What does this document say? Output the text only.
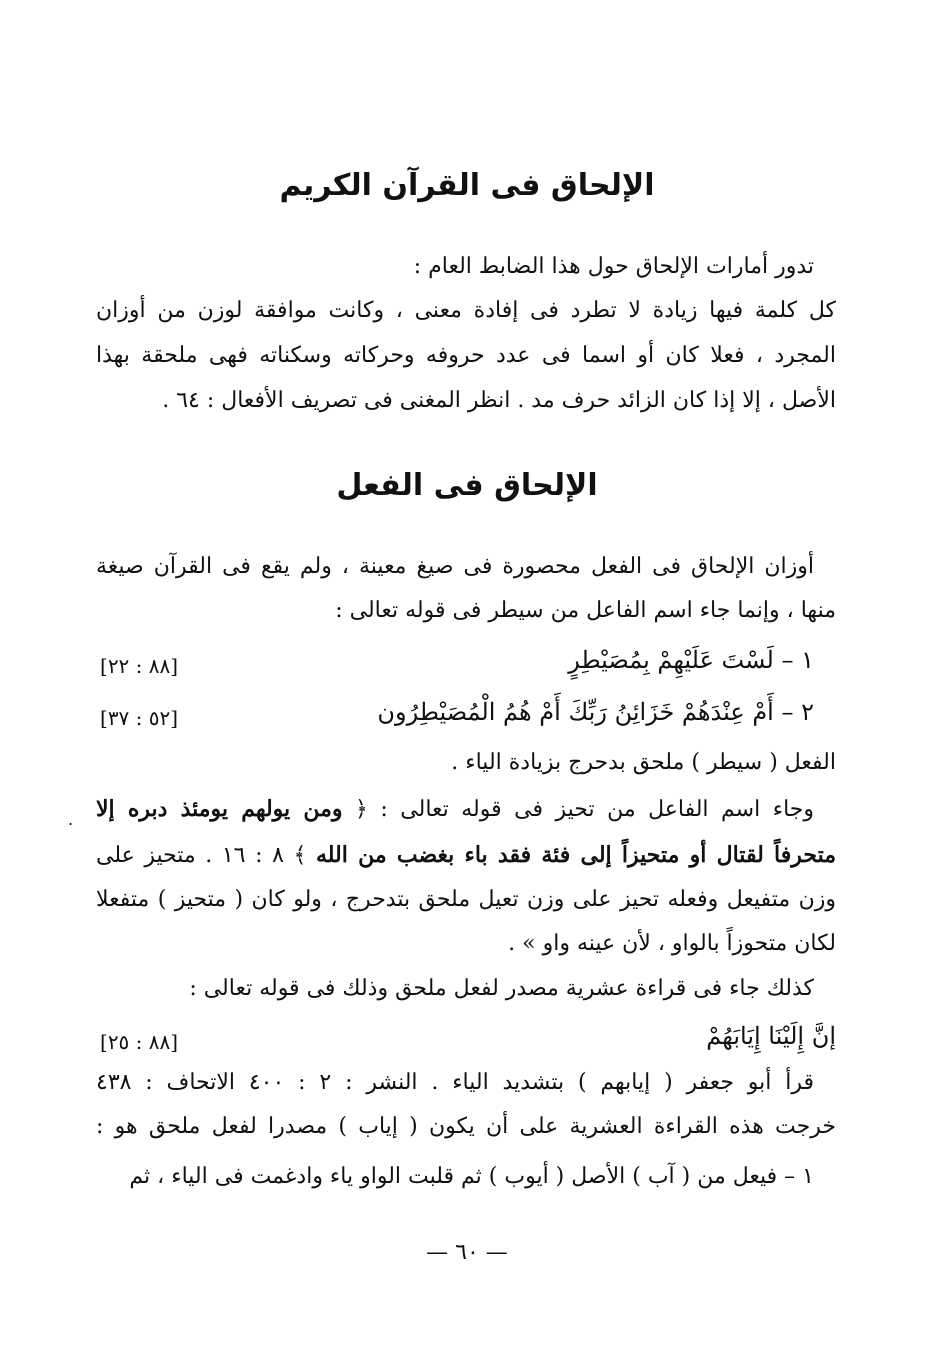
الإلحاق فى القرآن الكريم
تدور أمارات الإلحاق حول هذا الضابط العام :
كل كلمة فيها زيادة لا تطرد فى إفادة معنى ، وكانت موافقة لوزن من أوزان
المجرد ، فعلا كان أو اسما فى عدد حروفه وحركاته وسكناته فهى ملحقة بهذا
الأصل ، إلا إذا كان الزائد حرف مد . انظر المغنى فى تصريف الأفعال : ٦٤ .
الإلحاق فى الفعل
أوزان الإلحاق فى الفعل محصورة فى صيغ معينة ، ولم يقع فى القرآن صيغة
منها ، وإنما جاء اسم الفاعل من سيطر فى قوله تعالى :
١ – لَسْتَ عَلَيْهِمْ بِمُصَيْطِرٍ
[٨٨ : ٢٢]
٢ – أَمْ عِنْدَهُمْ خَزَائِنُ رَبِّكَ أَمْ هُمُ الْمُصَيْطِرُون
[٥٢ : ٣٧]
الفعل ( سيطر ) ملحق بدحرج بزيادة الياء .
وجاء اسم الفاعل من تحيز فى قوله تعالى : ﴿ ومن يولهم يومئذ دبره إلا
.
متحرفاً لقتال أو متحيزاً إلى فئة فقد باء بغضب من الله ﴾ ٨ : ١٦ . متحيز على
وزن متفيعل وفعله تحيز على وزن تعيل ملحق بتدحرج ، ولو كان ( متحيز ) متفعلا
لكان متحوزاً بالواو ، لأن عينه واو » .
كذلك جاء فى قراءة عشرية مصدر لفعل ملحق وذلك فى قوله تعالى :
إنَّ إِلَيْنَا إِيَابَهُمْ
[٨٨ : ٢٥]
قرأ أبو جعفر ( إيابهم ) بتشديد الياء . النشر : ٢ : ٤٠٠ الاتحاف : ٤٣٨
خرجت هذه القراءة العشرية على أن يكون ( إياب ) مصدرا لفعل ملحق هو :
١ – فيعل من ( آب ) الأصل ( أيوب ) ثم قلبت الواو ياء وادغمت فى الياء ، ثم
— ٦٠ —
